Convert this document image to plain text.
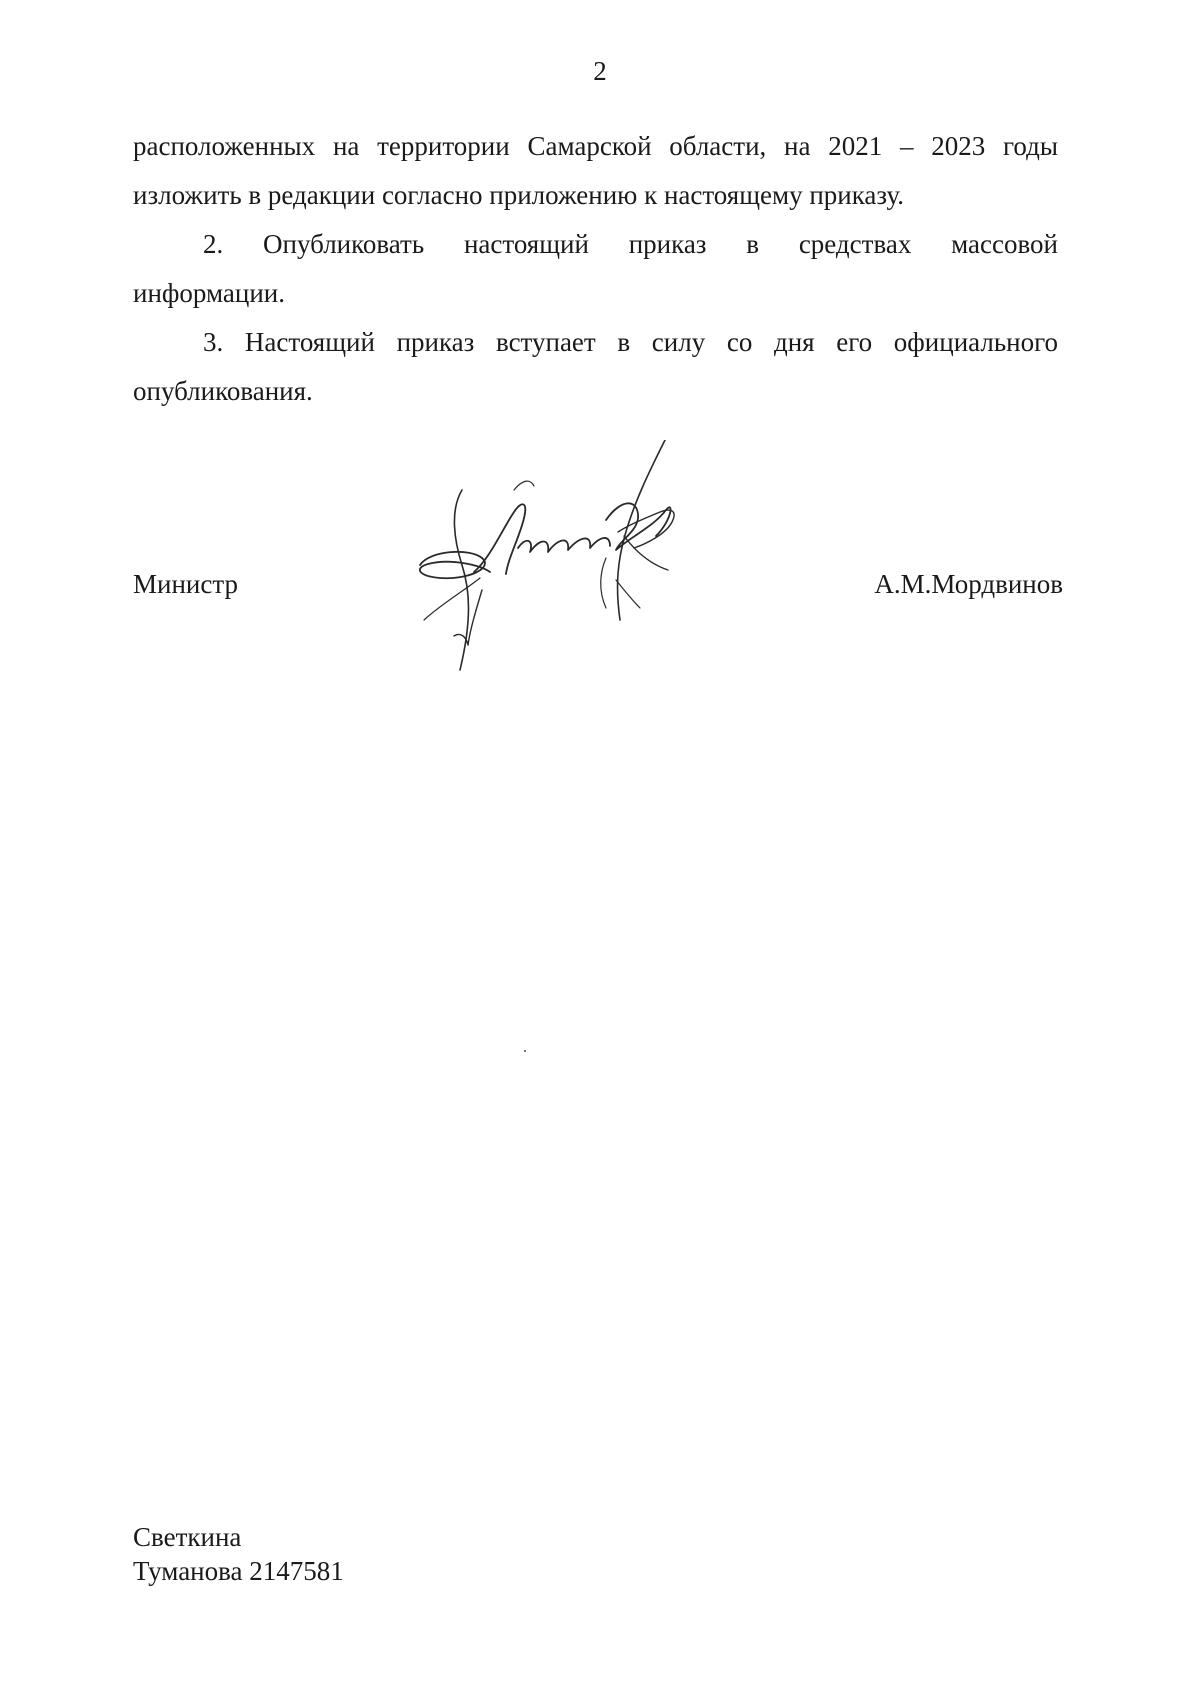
2

расположенных на территории Самарской области, на 2021 – 2023 годы

изложить в редакции согласно приложению к настоящему приказу.

2. Опубликовать настоящий приказ в средствах массовой

информации.

3. Настоящий приказ вступает в силу со дня его официального

опубликования.

Министр	А.М.Мордвинов
Светкина
Туманова 2147581
